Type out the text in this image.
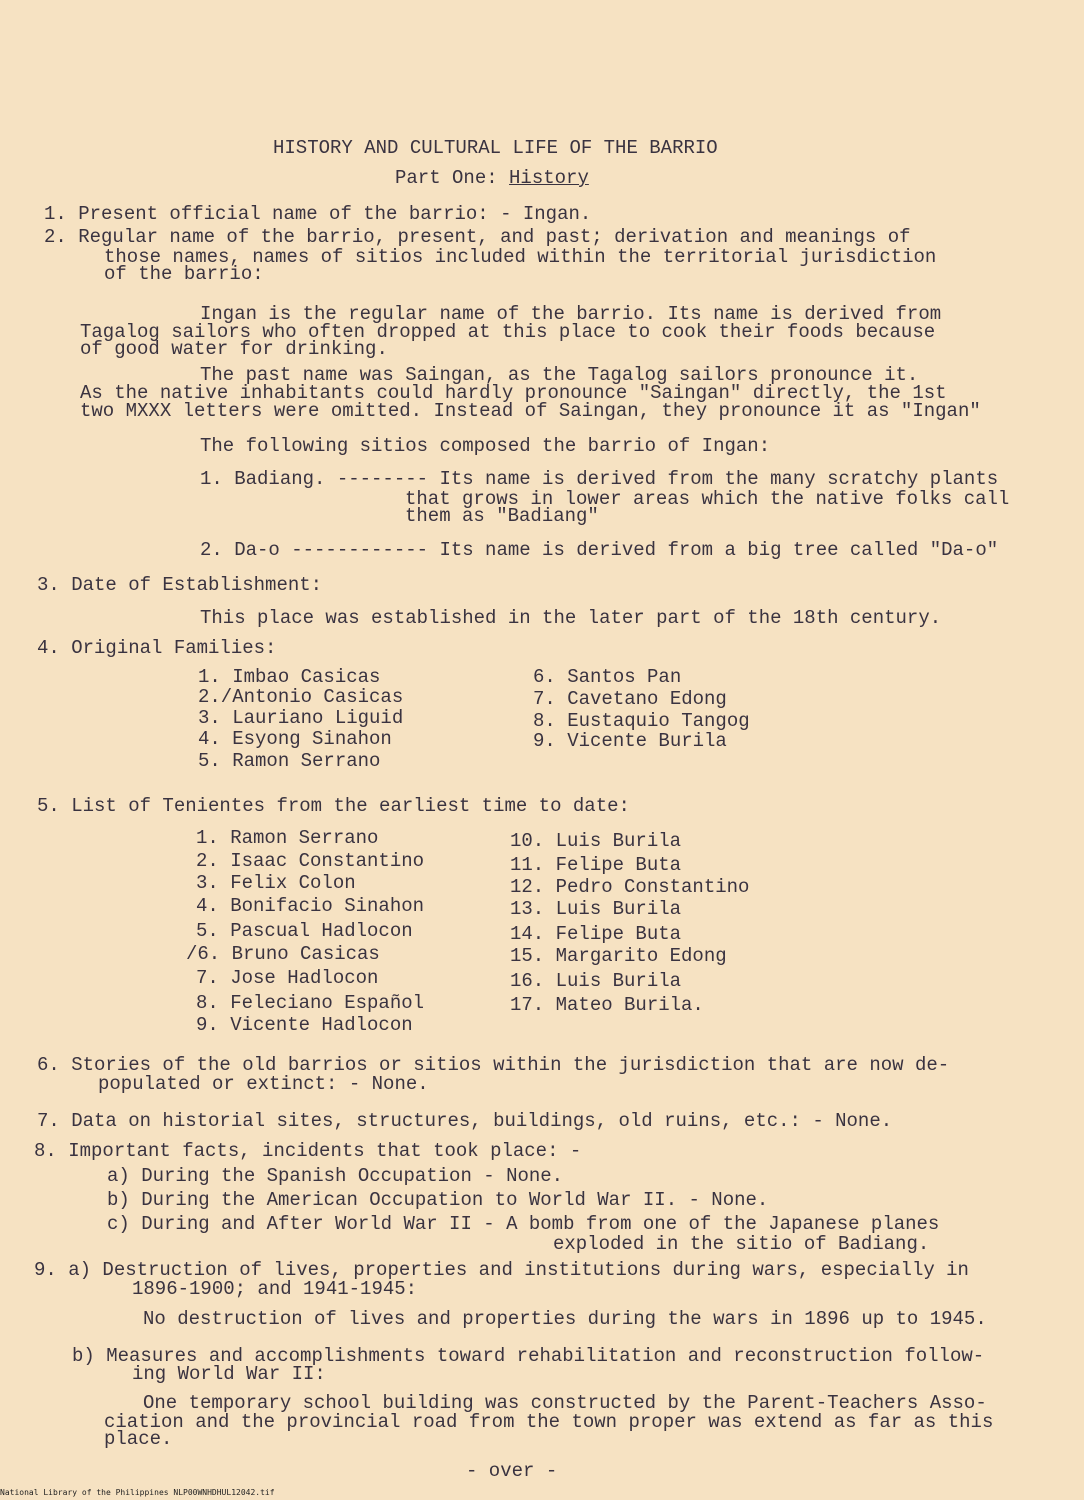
HISTORY AND CULTURAL LIFE OF THE BARRIO
Part One: History
1. Present official name of the barrio: - Ingan.
2. Regular name of the barrio, present, and past; derivation and meanings of
those names, names of sitios included within the territorial jurisdiction
of the barrio:
Ingan is the regular name of the barrio. Its name is derived from
Tagalog sailors who often dropped at this place to cook their foods because
of good water for drinking.
The past name was Saingan, as the Tagalog sailors pronounce it.
As the native inhabitants could hardly pronounce "Saingan" directly, the 1st
two MXXX letters were omitted. Instead of Saingan, they pronounce it as "Ingan"
The following sitios composed the barrio of Ingan:
1. Badiang. -------- Its name is derived from the many scratchy plants
that grows in lower areas which the native folks call
them as "Badiang"
2. Da-o ------------ Its name is derived from a big tree called "Da-o"
3. Date of Establishment:
This place was established in the later part of the 18th century.
4. Original Families:
1. Imbao Casicas
2./Antonio Casicas
3. Lauriano Liguid
4. Esyong Sinahon
5. Ramon Serrano
6. Santos Pan
7. Cavetano Edong
8. Eustaquio Tangog
9. Vicente Burila
5. List of Tenientes from the earliest time to date:
1. Ramon Serrano
2. Isaac Constantino
3. Felix Colon
4. Bonifacio Sinahon
5. Pascual Hadlocon
/6. Bruno Casicas
7. Jose Hadlocon
8. Feleciano Español
9. Vicente Hadlocon
10. Luis Burila
11. Felipe Buta
12. Pedro Constantino
13. Luis Burila
14. Felipe Buta
15. Margarito Edong
16. Luis Burila
17. Mateo Burila.
6. Stories of the old barrios or sitios within the jurisdiction that are now de-
populated or extinct: - None.
7. Data on historial sites, structures, buildings, old ruins, etc.: - None.
8. Important facts, incidents that took place: -
a) During the Spanish Occupation - None.
b) During the American Occupation to World War II. - None.
c) During and After World War II - A bomb from one of the Japanese planes
exploded in the sitio of Badiang.
9. a) Destruction of lives, properties and institutions during wars, especially in
1896-1900; and 1941-1945:
No destruction of lives and properties during the wars in 1896 up to 1945.
b) Measures and accomplishments toward rehabilitation and reconstruction follow-
ing World War II:
One temporary school building was constructed by the Parent-Teachers Asso-
ciation and the provincial road from the town proper was extend as far as this
place.
- over -
National Library of the Philippines NLP00WNHDHUL12042.tif
